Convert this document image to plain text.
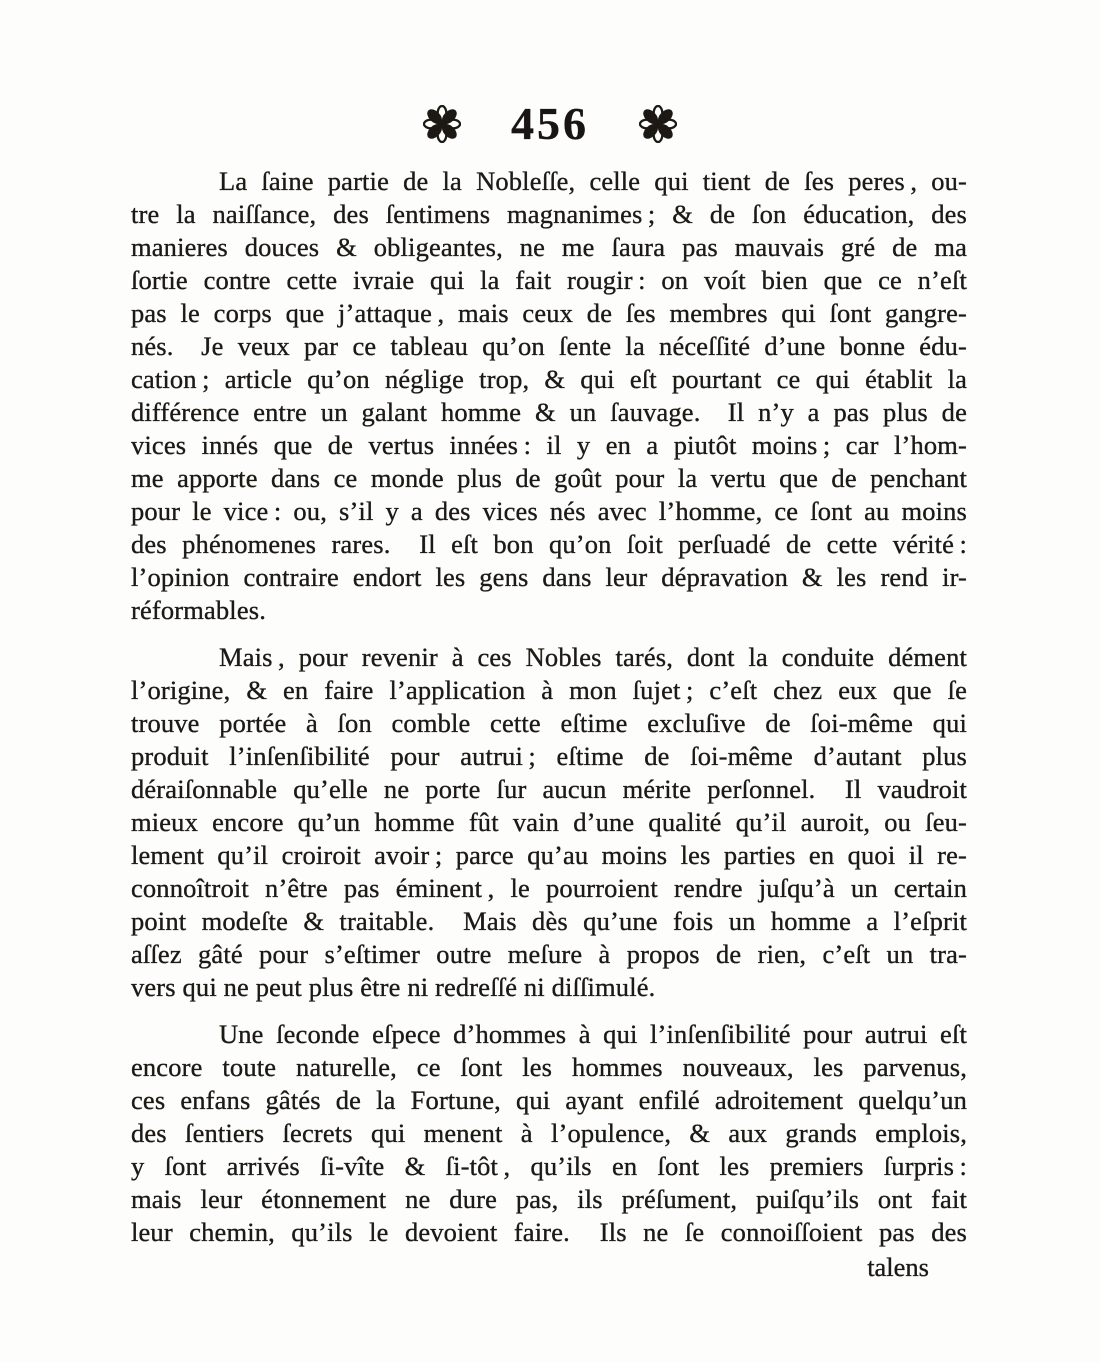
456

La ſaine partie de la Nobleſſe, celle qui tient de ſes peres , ou-
tre la naiſſance, des ſentimens magnanimes ; & de ſon éducation, des
manieres douces & obligeantes, ne me ſaura pas mauvais gré de ma
ſortie contre cette ivraie qui la fait rougir : on voít bien que ce n’eſt
pas le corps que j’attaque , mais ceux de ſes membres qui ſont gangre-
nés.  Je veux par ce tableau qu’on ſente la néceſſité d’une bonne édu-
cation ; article qu’on néglige trop, & qui eſt pourtant ce qui établit la
différence entre un galant homme & un ſauvage.  Il n’y a pas plus de
vices innés que de vertus innées : il y en a piutôt moins ; car l’hom-
me apporte dans ce monde plus de goût pour la vertu que de penchant
pour le vice : ou, s’il y a des vices nés avec l’homme, ce ſont au moins
des phénomenes rares.  Il eſt bon qu’on ſoit perſuadé de cette vérité :
l’opinion contraire endort les gens dans leur dépravation & les rend ir-
réformables.

Mais , pour revenir à ces Nobles tarés, dont la conduite dément
l’origine, & en faire l’application à mon ſujet ; c’eſt chez eux que ſe
trouve portée à ſon comble cette eſtime excluſive de ſoi-même qui
produit l’inſenſibilité pour autrui ; eſtime de ſoi-même d’autant plus
déraiſonnable qu’elle ne porte ſur aucun mérite perſonnel.  Il vaudroit
mieux encore qu’un homme fût vain d’une qualité qu’il auroit, ou ſeu-
lement qu’il croiroit avoir ; parce qu’au moins les parties en quoi il re-
connoîtroit n’être pas éminent , le pourroient rendre juſqu’à un certain
point modeſte & traitable.  Mais dès qu’une fois un homme a l’eſprit
aſſez gâté pour s’eſtimer outre meſure à propos de rien, c’eſt un tra-
vers qui ne peut plus être ni redreſſé ni diſſimulé.

Une ſeconde eſpece d’hommes à qui l’inſenſibilité pour autrui eſt
encore toute naturelle, ce ſont les hommes nouveaux, les parvenus,
ces enfans gâtés de la Fortune, qui ayant enfilé adroitement quelqu’un
des ſentiers ſecrets qui menent à l’opulence, & aux grands emplois,
y ſont arrivés ſi-vîte & ſi-tôt , qu’ils en ſont les premiers ſurpris :
mais leur étonnement ne dure pas, ils préſument, puiſqu’ils ont fait
leur chemin, qu’ils le devoient faire.  Ils ne ſe connoiſſoient pas des

talens
